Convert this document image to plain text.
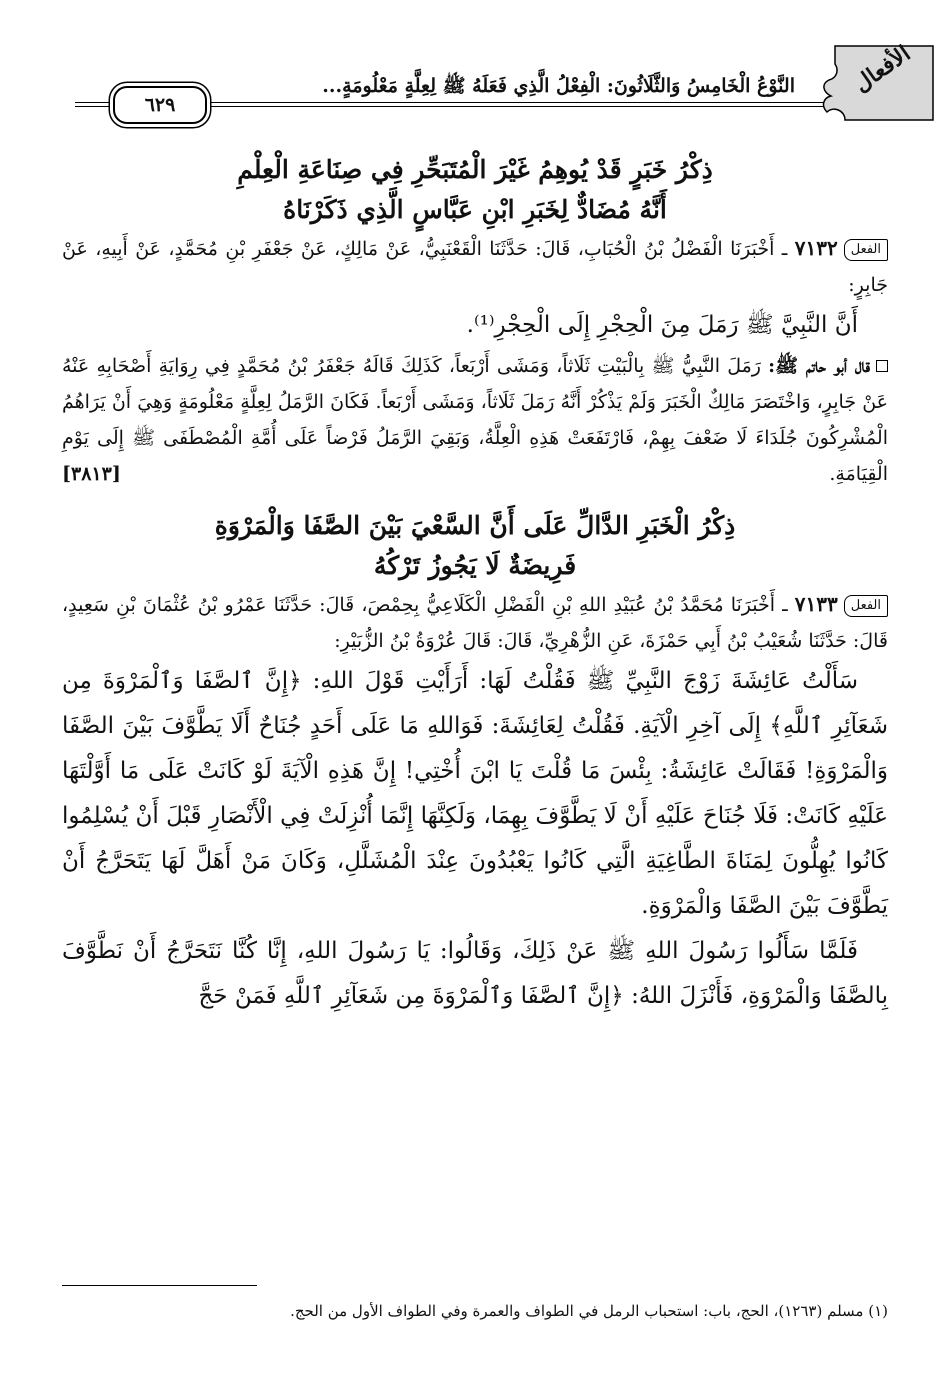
٦٢٩
النَّوْعُ الْخَامِسُ وَالثَّلَاثُونَ: الْفِعْلُ الَّذِي فَعَلَهُ ﷺ لِعِلَّةٍ مَعْلُومَةٍ... الأفعال
ذِكْرُ خَبَرٍ قَدْ يُوهِمُ غَيْرَ الْمُتَبَحِّرِ فِي صِنَاعَةِ الْعِلْمِ
أَنَّهُ مُضَادٌّ لِخَبَرِ ابْنِ عَبَّاسٍ الَّذِي ذَكَرْنَاهُ

الفعل٧١٣٢ ـ أَخْبَرَنَا الْفَضْلُ بْنُ الْحُبَابِ، قَالَ: حَدَّثَنَا الْقَعْنَبِيُّ، عَنْ مَالِكٍ، عَنْ جَعْفَرِ بْنِ مُحَمَّدٍ، عَنْ أَبِيهِ، عَنْ جَابِرٍ:

أَنَّ النَّبِيَّ ﷺ رَمَلَ مِنَ الْحِجْرِ إِلَى الْحِجْرِ⁽¹⁾.

قال أبو حاتم ﷺ: رَمَلَ النَّبِيُّ ﷺ بِالْبَيْتِ ثَلَاثاً، وَمَشَى أَرْبَعاً، كَذَلِكَ قَالَهُ جَعْفَرُ بْنُ مُحَمَّدٍ فِي رِوَايَةِ أَصْحَابِهِ عَنْهُ عَنْ جَابِرٍ، وَاخْتَصَرَ مَالِكٌ الْخَبَرَ وَلَمْ يَذْكُرْ أَنَّهُ رَمَلَ ثَلَاثاً، وَمَشَى أَرْبَعاً. فَكَانَ الرَّمَلُ لِعِلَّةٍ مَعْلُومَةٍ وَهِيَ أَنْ يَرَاهُمُ الْمُشْرِكُونَ جُلَدَاءَ لَا ضَعْفَ بِهِمْ، فَارْتَفَعَتْ هَذِهِ الْعِلَّةُ، وَبَقِيَ الرَّمَلُ فَرْضاً عَلَى أُمَّةِ الْمُصْطَفَى ﷺ إِلَى يَوْمِ الْقِيَامَةِ.
[٣٨١٣]

ذِكْرُ الْخَبَرِ الدَّالِّ عَلَى أَنَّ السَّعْيَ بَيْنَ الصَّفَا وَالْمَرْوَةِ
فَرِيضَةٌ لَا يَجُوزُ تَرْكُهُ

الفعل٧١٣٣ ـ أَخْبَرَنَا مُحَمَّدُ بْنُ عُبَيْدِ اللهِ بْنِ الْفَضْلِ الْكَلَاعِيُّ بِحِمْصَ، قَالَ: حَدَّثَنَا عَمْرُو بْنُ عُثْمَانَ بْنِ سَعِيدٍ، قَالَ: حَدَّثَنَا شُعَيْبُ بْنُ أَبِي حَمْزَةَ، عَنِ الزُّهْرِيِّ، قَالَ: قَالَ عُرْوَةُ بْنُ الزُّبَيْرِ:

سَأَلْتُ عَائِشَةَ زَوْجَ النَّبِيِّ ﷺ فَقُلْتُ لَهَا: أَرَأَيْتِ قَوْلَ اللهِ: ﴿إِنَّ ٱلصَّفَا وَٱلْمَرْوَةَ مِن شَعَآئِرِ ٱللَّهِ﴾ إِلَى آخِرِ الْآيَةِ. فَقُلْتُ لِعَائِشَةَ: فَوَاللهِ مَا عَلَى أَحَدٍ جُنَاحٌ أَلَا يَطَّوَّفَ بَيْنَ الصَّفَا وَالْمَرْوَةِ! فَقَالَتْ عَائِشَةُ: بِئْسَ مَا قُلْتَ يَا ابْنَ أُخْتِي! إِنَّ هَذِهِ الْآيَةَ لَوْ كَانَتْ عَلَى مَا أَوَّلْتَهَا عَلَيْهِ كَانَتْ: فَلَا جُنَاحَ عَلَيْهِ أَنْ لَا يَطَّوَّفَ بِهِمَا، وَلَكِنَّهَا إِنَّمَا أُنْزِلَتْ فِي الْأَنْصَارِ قَبْلَ أَنْ يُسْلِمُوا كَانُوا يُهِلُّونَ لِمَنَاةَ الطَّاغِيَةِ الَّتِي كَانُوا يَعْبُدُونَ عِنْدَ الْمُشَلَّلِ، وَكَانَ مَنْ أَهَلَّ لَهَا يَتَحَرَّجُ أَنْ يَطَّوَّفَ بَيْنَ الصَّفَا وَالْمَرْوَةِ.

فَلَمَّا سَأَلُوا رَسُولَ اللهِ ﷺ عَنْ ذَلِكَ، وَقَالُوا: يَا رَسُولَ اللهِ، إِنَّا كُنَّا نَتَحَرَّجُ أَنْ نَطَّوَّفَ بِالصَّفَا وَالْمَرْوَةِ، فَأَنْزَلَ اللهُ: ﴿إِنَّ ٱلصَّفَا وَٱلْمَرْوَةَ مِن شَعَآئِرِ ٱللَّهِ فَمَنْ حَجَّ

(١) مسلم (١٢٦٣)، الحج، باب: استحباب الرمل في الطواف والعمرة وفي الطواف الأول من الحج.
